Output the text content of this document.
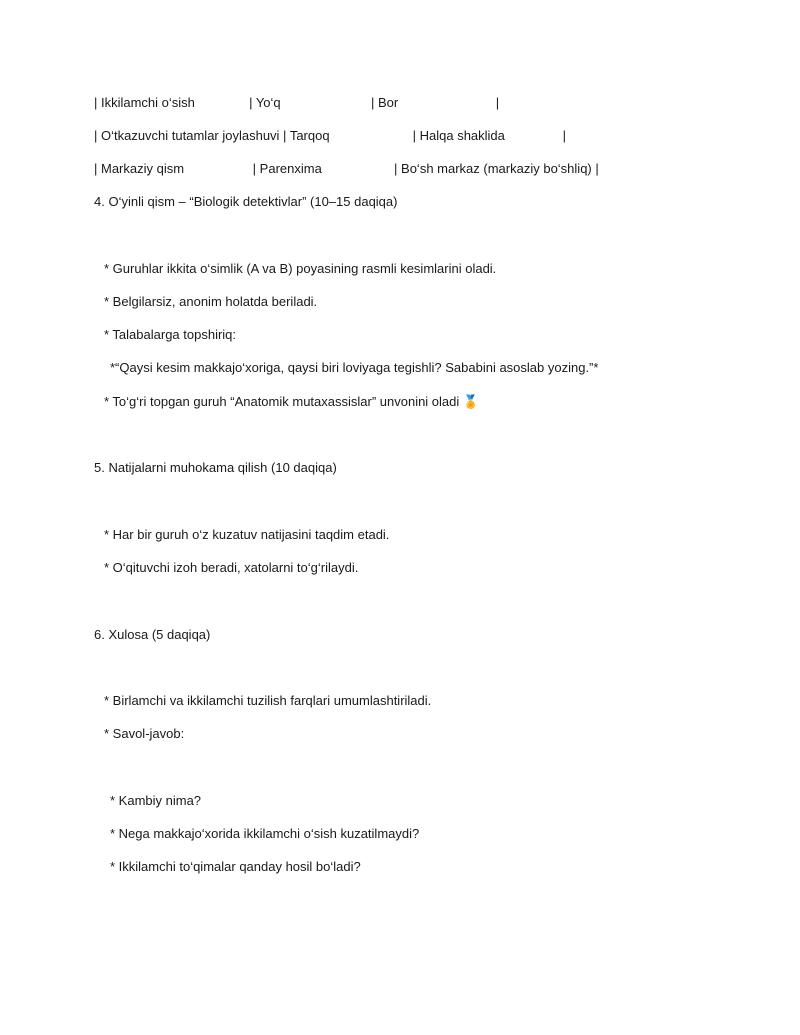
| Ikkilamchi o‘sish               | Yo‘q                         | Bor                           |
| O‘tkazuvchi tutamlar joylashuvi | Tarqoq                       | Halqa shaklida                |
| Markaziy qism                   | Parenxima                    | Bo‘sh markaz (markaziy bo‘shliq) |
4. O‘yinli qism – “Biologik detektivlar” (10–15 daqiqa)
* Guruhlar ikkita o‘simlik (A va B) poyasining rasmli kesimlarini oladi.
* Belgilarsiz, anonim holatda beriladi.
* Talabalarga topshiriq:
*“Qaysi kesim makkajo‘xoriga, qaysi biri loviyaga tegishli? Sababini asoslab yozing.”*
* To‘g‘ri topgan guruh “Anatomik mutaxassislar” unvonini oladi 🏅
5. Natijalarni muhokama qilish (10 daqiqa)
* Har bir guruh o‘z kuzatuv natijasini taqdim etadi.
* O‘qituvchi izoh beradi, xatolarni to‘g‘rilaydi.
6. Xulosa (5 daqiqa)
* Birlamchi va ikkilamchi tuzilish farqlari umumlashtiriladi.
* Savol-javob:
* Kambiy nima?
* Nega makkajo‘xorida ikkilamchi o‘sish kuzatilmaydi?
* Ikkilamchi to‘qimalar qanday hosil bo‘ladi?
